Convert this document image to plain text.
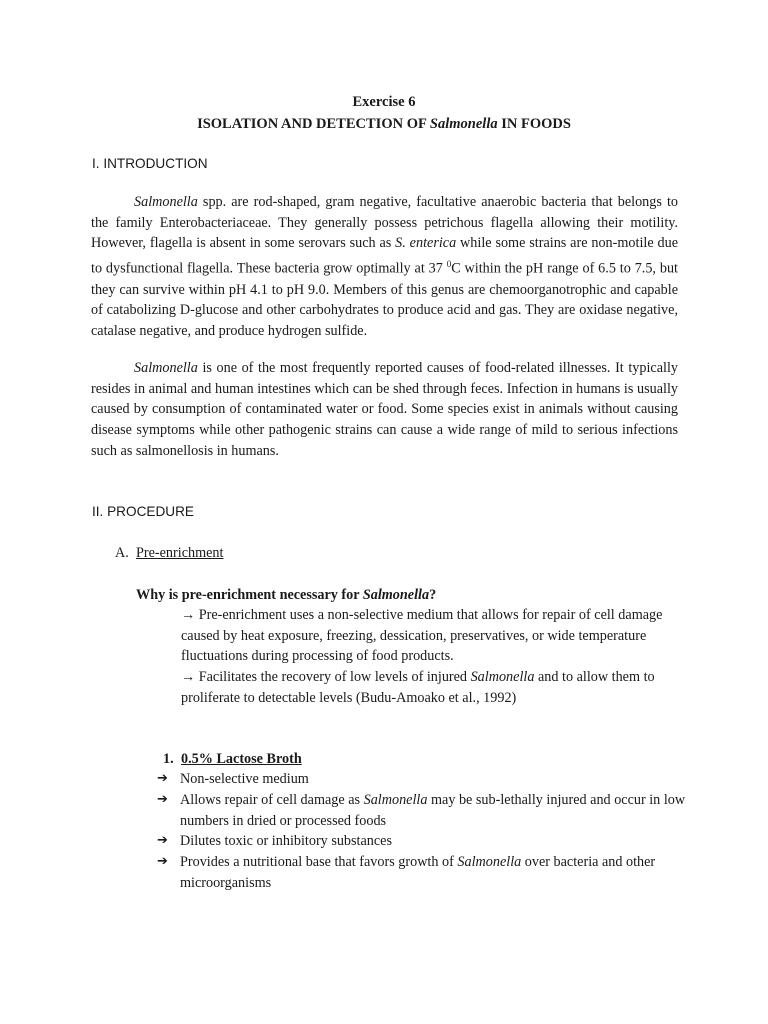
Exercise 6
ISOLATION AND DETECTION OF Salmonella IN FOODS
I. INTRODUCTION
Salmonella spp. are rod-shaped, gram negative, facultative anaerobic bacteria that belongs to the family Enterobacteriaceae. They generally possess petrichous flagella allowing their motility. However, flagella is absent in some serovars such as S. enterica while some strains are non-motile due to dysfunctional flagella. These bacteria grow optimally at 37 $^0$C within the pH range of 6.5 to 7.5, but they can survive within pH 4.1 to pH 9.0. Members of this genus are chemoorganotrophic and capable of catabolizing D-glucose and other carbohydrates to produce acid and gas. They are oxidase negative, catalase negative, and produce hydrogen sulfide.
Salmonella is one of the most frequently reported causes of food-related illnesses. It typically resides in animal and human intestines which can be shed through feces. Infection in humans is usually caused by consumption of contaminated water or food. Some species exist in animals without causing disease symptoms while other pathogenic strains can cause a wide range of mild to serious infections such as salmonellosis in humans.
II. PROCEDURE
A. Pre-enrichment
Why is pre-enrichment necessary for Salmonella?
→ Pre-enrichment uses a non-selective medium that allows for repair of cell damage caused by heat exposure, freezing, dessication, preservatives, or wide temperature fluctuations during processing of food products.
→ Facilitates the recovery of low levels of injured Salmonella and to allow them to proliferate to detectable levels (Budu-Amoako et al., 1992)
1. 0.5% Lactose Broth
➔ Non-selective medium
➔ Allows repair of cell damage as Salmonella may be sub-lethally injured and occur in low numbers in dried or processed foods
➔ Dilutes toxic or inhibitory substances
➔ Provides a nutritional base that favors growth of Salmonella over bacteria and other microorganisms
